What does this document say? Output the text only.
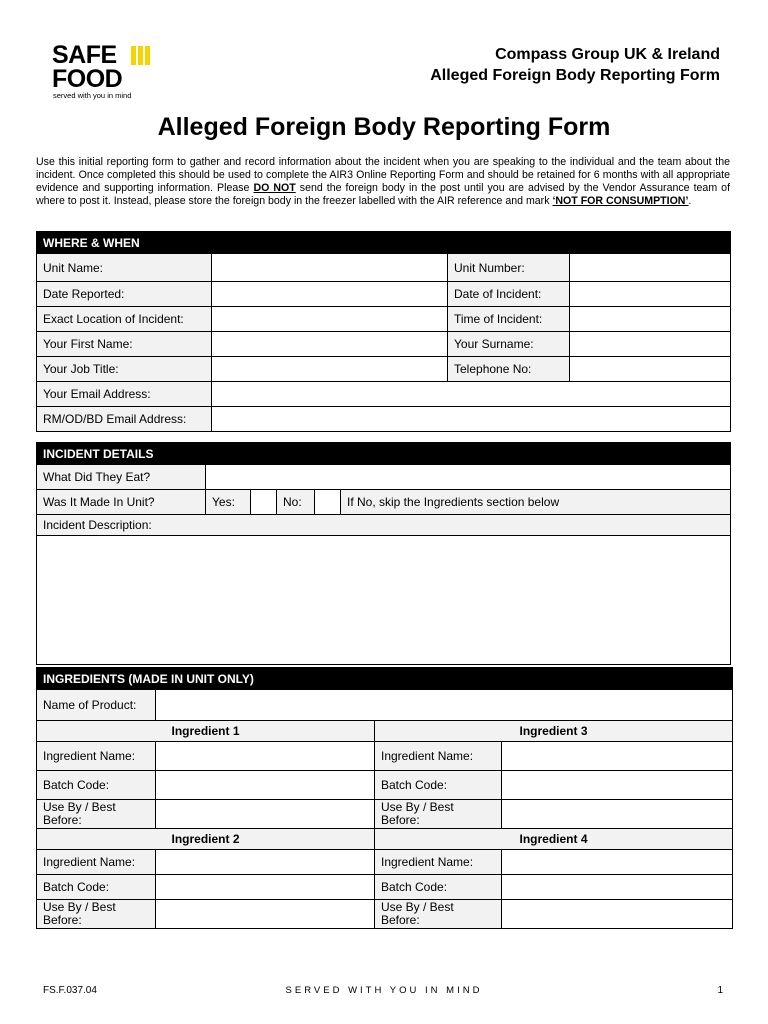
SAFE
FOOD
served with you in mind
Compass Group UK & Ireland
Alleged Foreign Body Reporting Form
Alleged Foreign Body Reporting Form
Use this initial reporting form to gather and record information about the incident when you are speaking to the individual and the team about the incident. Once completed this should be used to complete the AIR3 Online Reporting Form and should be retained for 6 months with all appropriate evidence and supporting information. Please DO NOT send the foreign body in the post until you are advised by the Vendor Assurance team of where to post it. Instead, please store the foreign body in the freezer labelled with the AIR reference and mark ‘NOT FOR CONSUMPTION’.
WHERE & WHEN			
Unit Name:		Unit Number:	
Date Reported:		Date of Incident:	
Exact Location of Incident:		Time of Incident:	
Your First Name:		Your Surname:	
Your Job Title:		Telephone No:	
Your Email Address:			
RM/OD/BD Email Address:			
INCIDENT DETAILS					
What Did They Eat?					
Was It Made In Unit?	Yes:		No:		If No, skip the Ingredients section below
Incident Description:					

INGREDIENTS (MADE IN UNIT ONLY)			
Name of Product:			
Ingredient 1		Ingredient 3	
Ingredient Name:		Ingredient Name:	
Batch Code:		Batch Code:	
Use By / Best Before:		Use By / Best Before:	
Ingredient 2		Ingredient 4	
Ingredient Name:		Ingredient Name:	
Batch Code:		Batch Code:	
Use By / Best Before:		Use By / Best Before:	
FS.F.037.04	SERVED WITH YOU IN MIND	1
